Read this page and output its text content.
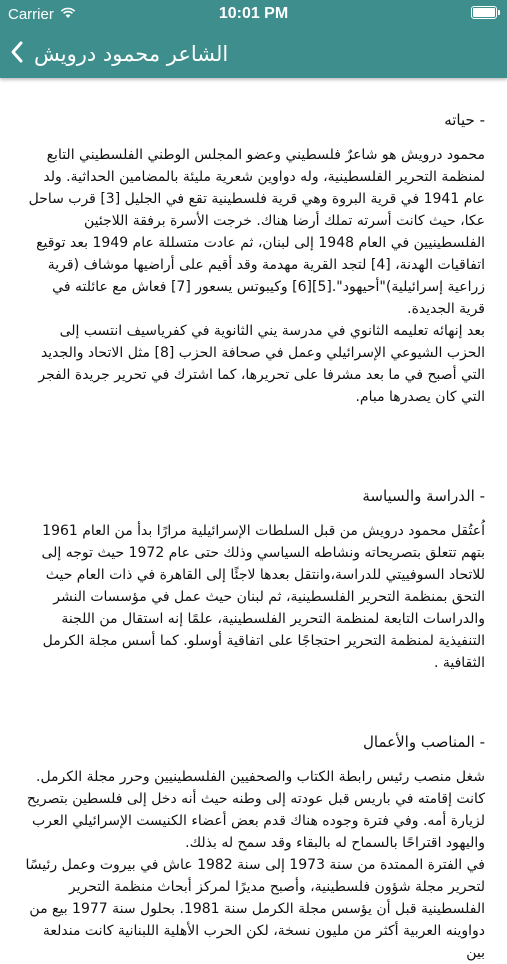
Carrier	10:01 PM
الشاعر محمود درويش
- حياته

محمود درويش هو شاعرٌ فلسطيني وعضو المجلس الوطني الفلسطيني التابع لمنظمة التحرير الفلسطينية، وله دواوين شعرية مليئة بالمضامين الحداثية. ولد عام 1941 في قرية البروة وهي قرية فلسطينية تقع في الجليل [3] قرب ساحل عكا، حيث كانت أسرته تملك أرضا هناك. خرجت الأسرة برفقة اللاجئين الفلسطينيين في العام 1948 إلى لبنان، ثم عادت متسللة عام 1949 بعد توقيع اتفاقيات الهدنة، [4] لتجد القرية مهدمة وقد أقيم على أراضيها موشاف (قرية زراعية إسرائيلية)"أحيهود".[5][6] وكيبوتس يسعور [7] فعاش مع عائلته في قرية الجديدة.

بعد إنهائه تعليمه الثانوي في مدرسة يني الثانوية في كفرياسيف انتسب إلى الحزب الشيوعي الإسرائيلي وعمل في صحافة الحزب [8] مثل الاتحاد والجديد التي أصبح في ما بعد مشرفا على تحريرها، كما اشترك في تحرير جريدة الفجر التي كان يصدرها مبام.

- الدراسة والسياسة

اُعتُقل محمود درويش من قبل السلطات الإسرائيلية مرارًا بدأ من العام 1961 بتهم تتعلق بتصريحاته ونشاطه السياسي وذلك حتى عام 1972 حيث توجه إلى للاتحاد السوفييتي للدراسة،وانتقل بعدها لاجئًا إلى القاهرة في ذات العام حيث التحق بمنظمة التحرير الفلسطينية، ثم لبنان حيث عمل في مؤسسات النشر والدراسات التابعة لمنظمة التحرير الفلسطينية، علمًا إنه استقال من اللجنة التنفيذية لمنظمة التحرير احتجاجًا على اتفاقية أوسلو. كما أسس مجلة الكرمل الثقافية .

- المناصب والأعمال

شغل منصب رئيس رابطة الكتاب والصحفيين الفلسطينيين وحرر مجلة الكرمل. كانت إقامته في باريس قبل عودته إلى وطنه حيث أنه دخل إلى فلسطين بتصريح لزيارة أمه. وفي فترة وجوده هناك قدم بعض أعضاء الكنيست الإسرائيلي العرب واليهود اقتراحًا بالسماح له بالبقاء وقد سمح له بذلك.

في الفترة الممتدة من سنة 1973 إلى سنة 1982 عاش في بيروت وعمل رئيسًا لتحرير مجلة شؤون فلسطينية، وأصبح مديرًا لمركز أبحاث منظمة التحرير الفلسطينية قبل أن يؤسس مجلة الكرمل سنة 1981. بحلول سنة 1977 بيع من دواوينه العربية أكثر من مليون نسخة، لكن الحرب الأهلية اللبنانية كانت مندلعة بين
